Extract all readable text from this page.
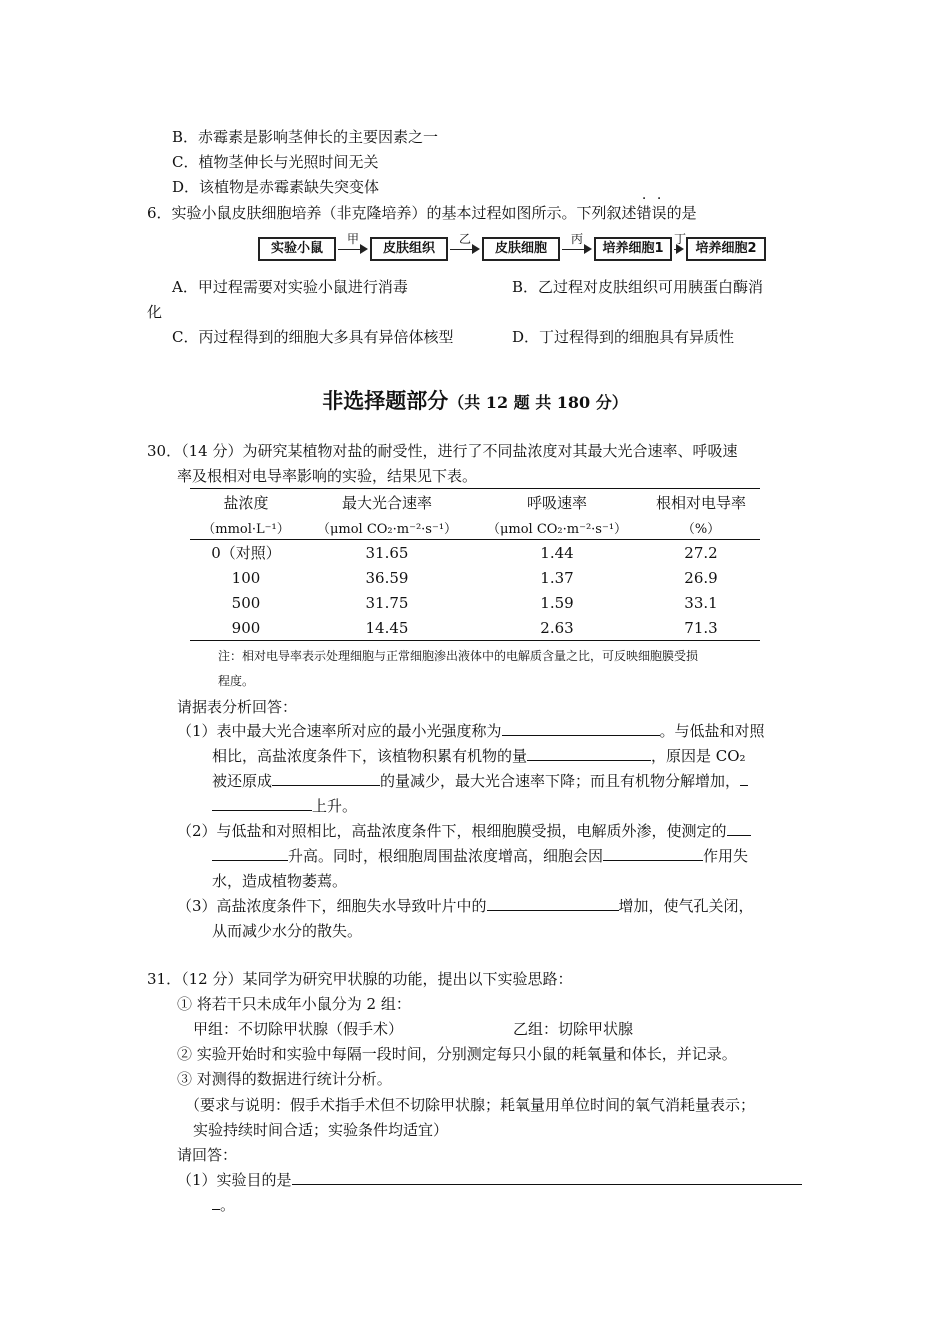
B．赤霉素是影响茎伸长的主要因素之一
C．植物茎伸长与光照时间无关
D．该植物是赤霉素缺失突变体
6．实验小鼠皮肤细胞培养（非克隆培养）的基本过程如图所示。下列叙述错误
· ·
的是
实验小鼠
甲
皮肤组织
乙
皮肤细胞
丙
培养细胞1
丁
培养细胞2
A．甲过程需要对实验小鼠进行消毒	B．乙过程对皮肤组织可用胰蛋白酶消
化
C．丙过程得到的细胞大多具有异倍体核型	D．丁过程得到的细胞具有异质性
非选择题部分（共 12 题 共 180 分）
30．（14 分）为研究某植物对盐的耐受性，进行了不同盐浓度对其最大光合速率、呼吸速
率及根相对电导率影响的实验，结果见下表。
盐浓度	最大光合速率	呼吸速率	根相对电导率
（mmol·L⁻¹）	（μmol CO₂·m⁻²·s⁻¹）	（μmol CO₂·m⁻²·s⁻¹）	（%）
0（对照）	31.65	1.44	27.2
100	36.59	1.37	26.9
500	31.75	1.59	33.1
900	14.45	2.63	71.3
注：相对电导率表示处理细胞与正常细胞渗出液体中的电解质含量之比，可反映细胞膜受损
程度。
请据表分析回答：
（1）表中最大光合速率所对应的最小光强度称为	。与低盐和对照
相比，高盐浓度条件下，该植物积累有机物的量	，原因是 CO₂
被还原成	的量减少，最大光合速率下降；而且有机物分解增加，
上升。
（2）与低盐和对照相比，高盐浓度条件下，根细胞膜受损，电解质外渗，使测定的
升高。同时，根细胞周围盐浓度增高，细胞会因	作用失
水，造成植物萎蔫。
（3）高盐浓度条件下，细胞失水导致叶片中的	增加，使气孔关闭，
从而减少水分的散失。
31．（12 分）某同学为研究甲状腺的功能，提出以下实验思路：
① 将若干只未成年小鼠分为 2 组：
甲组：不切除甲状腺（假手术）	乙组：切除甲状腺
② 实验开始时和实验中每隔一段时间，分别测定每只小鼠的耗氧量和体长，并记录。
③ 对测得的数据进行统计分析。
（要求与说明：假手术指手术但不切除甲状腺；耗氧量用单位时间的氧气消耗量表示；
实验持续时间合适；实验条件均适宜）
请回答：
（1）实验目的是
。
